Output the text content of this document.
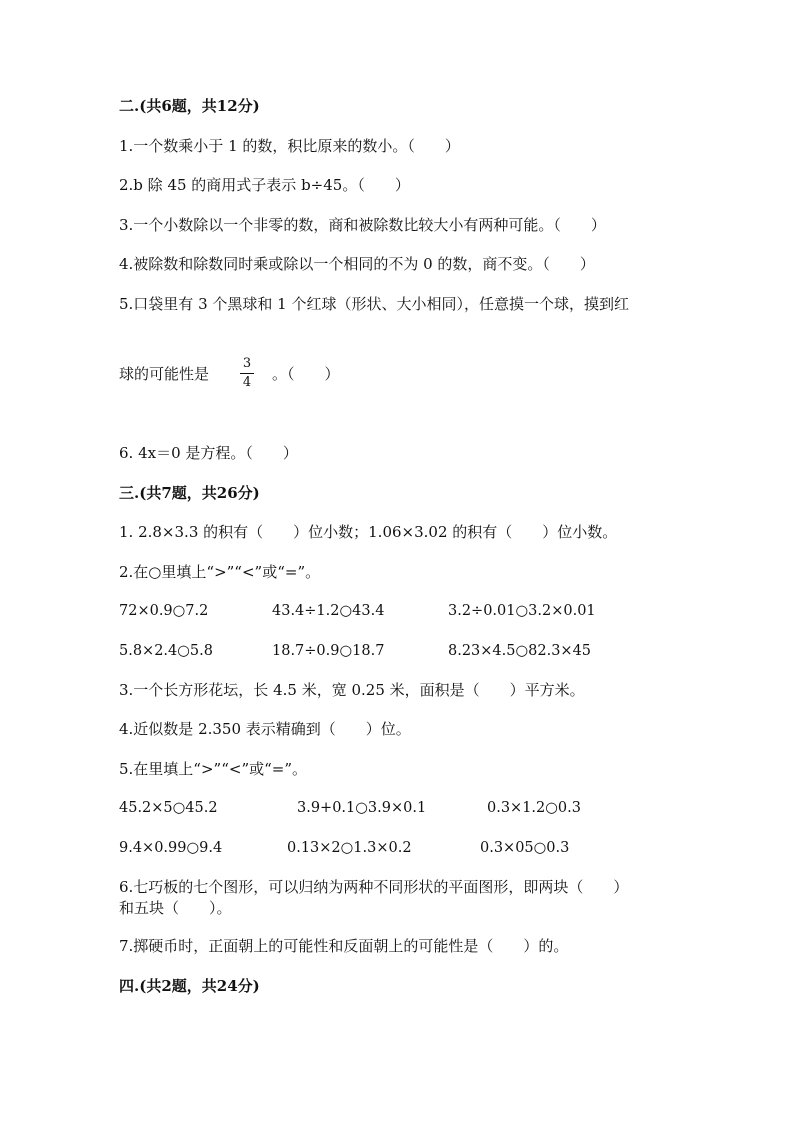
二.(共6题，共12分)
1.一个数乘小于 1 的数，积比原来的数小。（　　）
2.b 除 45 的商用式子表示 b÷45。（　　）
3.一个小数除以一个非零的数，商和被除数比较大小有两种可能。（　　）
4.被除数和除数同时乘或除以一个相同的不为 0 的数，商不变。（　　）
5.口袋里有 3 个黑球和 1 个红球（形状、大小相同），任意摸一个球，摸到红
球的可能性是
3
4 。（　　）
6. 4x＝0 是方程。（　　）
三.(共7题，共26分)
1. 2.8×3.3 的积有（　　）位小数；1.06×3.02 的积有（　　）位小数。
2.在○里填上“>”“<”或“=”。
72×0.9○7.2	43.4÷1.2○43.4	3.2÷0.01○3.2×0.01
5.8×2.4○5.8	18.7÷0.9○18.7	8.23×4.5○82.3×45
3.一个长方形花坛，长 4.5 米，宽 0.25 米，面积是（　　）平方米。
4.近似数是 2.350 表示精确到（　　）位。
5.在里填上“>”“<”或“=”。
45.2×5○45.2	3.9+0.1○3.9×0.1	0.3×1.2○0.3
9.4×0.99○9.4	0.13×2○1.3×0.2	0.3×05○0.3
6.七巧板的七个图形，可以归纳为两种不同形状的平面图形，即两块（　　）
和五块（　　）。
7.掷硬币时，正面朝上的可能性和反面朝上的可能性是（　　）的。
四.(共2题，共24分)
